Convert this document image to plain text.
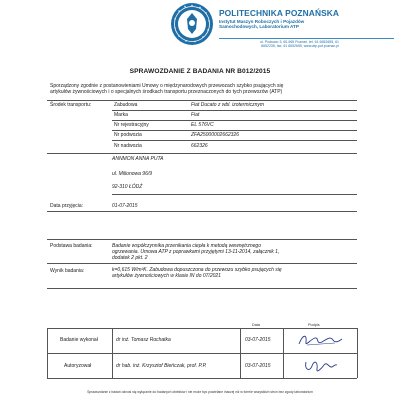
POLITECHNIKA POZNAŃSKA
Instytut Maszyn Roboczych i Pojazdów
Samochodowych, Laboratorium ATP
ul. Piotrowo 3, 60-965 Poznań, tel. 61 6652655, 61
6652235, fax. 61 6652655, www.atp.put.poznan.pl
SPRAWOZDANIE Z BADANIA NR B012/2015
Sporządzony zgodnie z postanowieniami Umowy o międzynarodowych przewozach szybko psujących się
artykułów żywnościowych i o specjalnych środkach transportu przeznaczonych do tych przewozów (ATP)
Środek transportu:	Zabudowa	Fiat Ducato z wbl. izotermicznym
Marka	Fiat
Nr rejestracyjny	EL 576VC
Nr podwozia	ZFA25000002662326
Nr nadwozia	662326
ANNMON ANNA PUTA
ul. Milionowa 96/9
92-310 ŁÓDŹ
Data przyjęcia:	01-07-2015
Podstawa badania:	Badanie współczynnika przenikania ciepła k metodą wewnętrznego
ogrzewania. Umowa ATP z poprawkami przyjętymi 13-11-2014, załącznik 1,
dodatek 2 pkt. 2
Wynik badania:	k=0,615 W/m²K. Zabudowa dopuszczona do przewozu szybko psujących się
artykułów żywnościowych w klasie IN do 07/2021
Data	Podpis
Badanie wykonał	dr inż. Tomasz Rochatka	03-07-2015
Autoryzował	dr hab. inż. Krzysztof Bieńczak, prof. P.P.	03-07-2015
Sprawozdanie z badań odnosi się wyłącznie do badanych obiektów i nie może być powielane inaczej niż w formie wszystkich stron bez zgody laboratorium
